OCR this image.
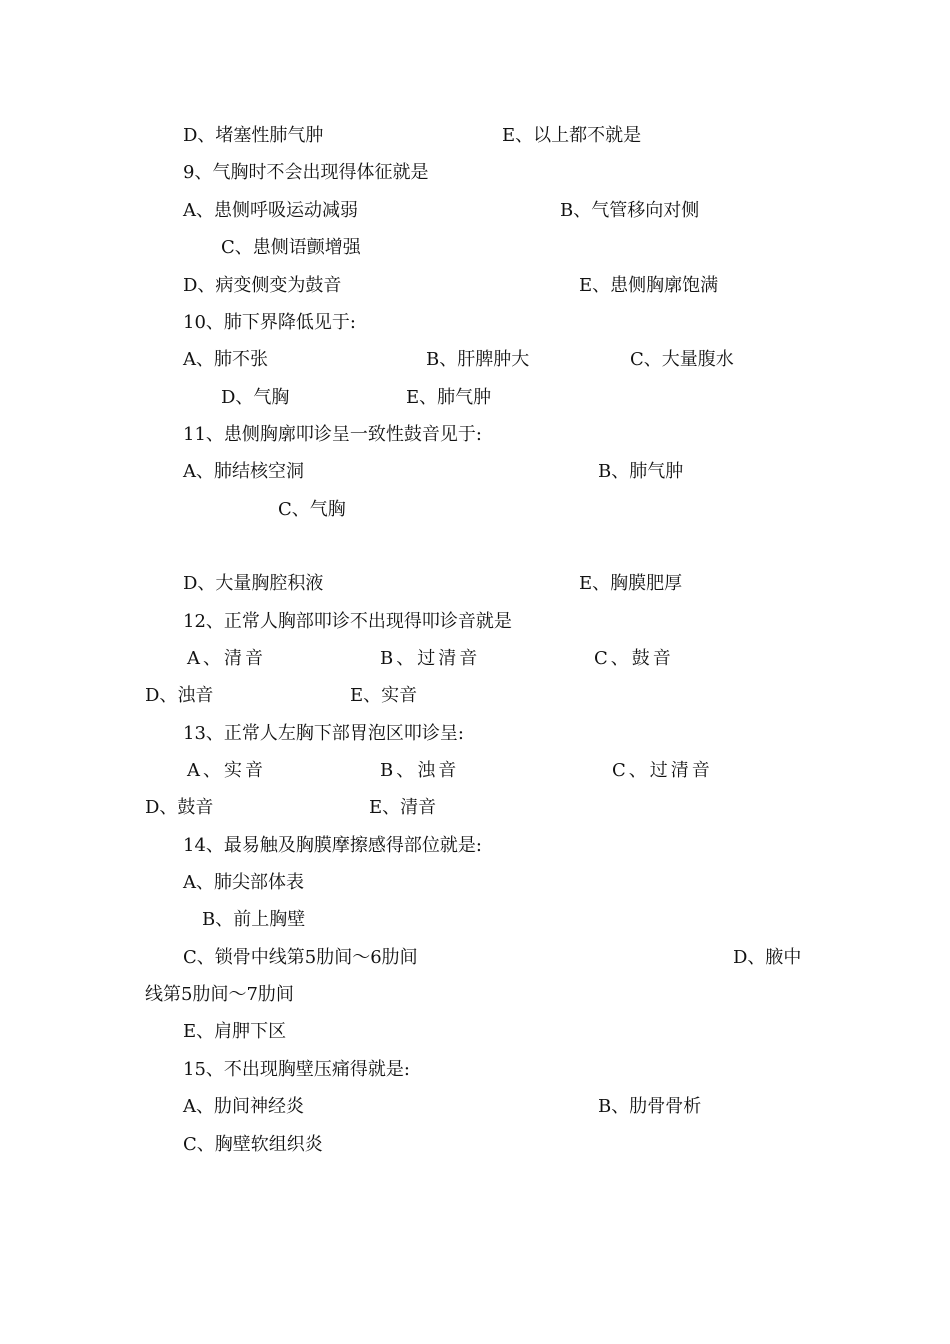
D、堵塞性肺气肿	E、以上都不就是
9、气胸时不会出现得体征就是
A、患侧呼吸运动减弱	B、气管移向对侧
C、患侧语颤增强
D、病变侧变为鼓音	E、患侧胸廓饱满
10、肺下界降低见于:
A、肺不张	B、肝脾肿大	C、大量腹水
D、气胸	E、肺气肿
11、患侧胸廓叩诊呈一致性鼓音见于:
A、肺结核空洞	B、肺气肿
C、气胸
D、大量胸腔积液	E、胸膜肥厚
12、正常人胸部叩诊不出现得叩诊音就是
A、清音	B、过清音	C、鼓音
D、浊音	E、实音
13、正常人左胸下部胃泡区叩诊呈:
A、实音	B、浊音	C、过清音
D、鼓音	E、清音
14、最易触及胸膜摩擦感得部位就是:
A、肺尖部体表
B、前上胸壁
C、锁骨中线第5肋间～6肋间	D、腋中
线第5肋间～7肋间
E、肩胛下区
15、不出现胸壁压痛得就是:
A、肋间神经炎	B、肋骨骨析
C、胸壁软组织炎
